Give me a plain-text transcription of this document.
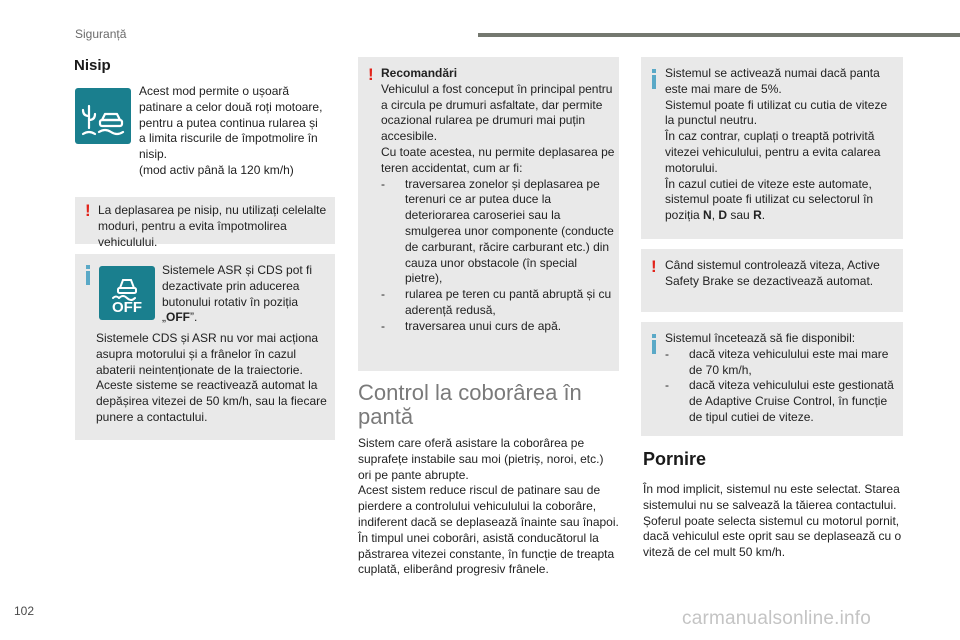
Siguranță
Nisip
Acest mod permite o ușoară
patinare a celor două roți motoare,
pentru a putea continua rularea și
a limita riscurile de împotmolire în
nisip.
(mod activ până la 120 km/h)
! La deplasarea pe nisip, nu utilizați celelalte moduri, pentru a evita împotmolirea vehiculului.
Sistemele ASR și CDS pot fi dezactivate prin aducerea butonului rotativ în poziția
„OFF”.
Sistemele CDS și ASR nu vor mai acționa asupra motorului și a frânelor în cazul abaterii neintenționate de la traiectorie. Aceste sisteme se reactivează automat la depășirea vitezei de 50 km/h, sau la fiecare punere a contactului.
OFF
! Recomandări
Vehiculul a fost conceput în principal pentru a circula pe drumuri asfaltate, dar permite ocazional rularea pe drumuri mai puțin accesibile.
Cu toate acestea, nu permite deplasarea pe teren accidentat, cum ar fi:
- traversarea zonelor și deplasarea pe terenuri ce ar putea duce la deteriorarea caroseriei sau la smulgerea unor componente (conducte de carburant, răcire carburant etc.) din cauza unor obstacole (în special pietre),
- rularea pe teren cu pantă abruptă și cu aderență redusă,
- traversarea unui curs de apă.
Control la coborârea în pantă
Sistem care oferă asistare la coborârea pe suprafețe instabile sau moi (pietriș, noroi, etc.) ori pe pante abrupte.
Acest sistem reduce riscul de patinare sau de pierdere a controlului vehiculului la coborâre, indiferent dacă se deplasează înainte sau înapoi.
În timpul unei coborâri, asistă conducătorul la păstrarea vitezei constante, în funcție de treapta cuplată, eliberând progresiv frânele.
Sistemul se activează numai dacă panta este mai mare de 5%.
Sistemul poate fi utilizat cu cutia de viteze la punctul neutru.
În caz contrar, cuplați o treaptă potrivită vitezei vehiculului, pentru a evita calarea motorului.
În cazul cutiei de viteze este automate, sistemul poate fi utilizat cu selectorul în poziția N, D sau R.
! Când sistemul controlează viteza, Active Safety Brake se dezactivează automat.
Sistemul încetează să fie disponibil:
- dacă viteza vehiculului este mai mare de 70 km/h,
- dacă viteza vehiculului este gestionată de Adaptive Cruise Control, în funcție de tipul cutiei de viteze.
Pornire
În mod implicit, sistemul nu este selectat. Starea sistemului nu se salvează la tăierea contactului.
Șoferul poate selecta sistemul cu motorul pornit, dacă vehiculul este oprit sau se deplasează cu o viteză de cel mult 50 km/h.
102	carmanualsonline.info
